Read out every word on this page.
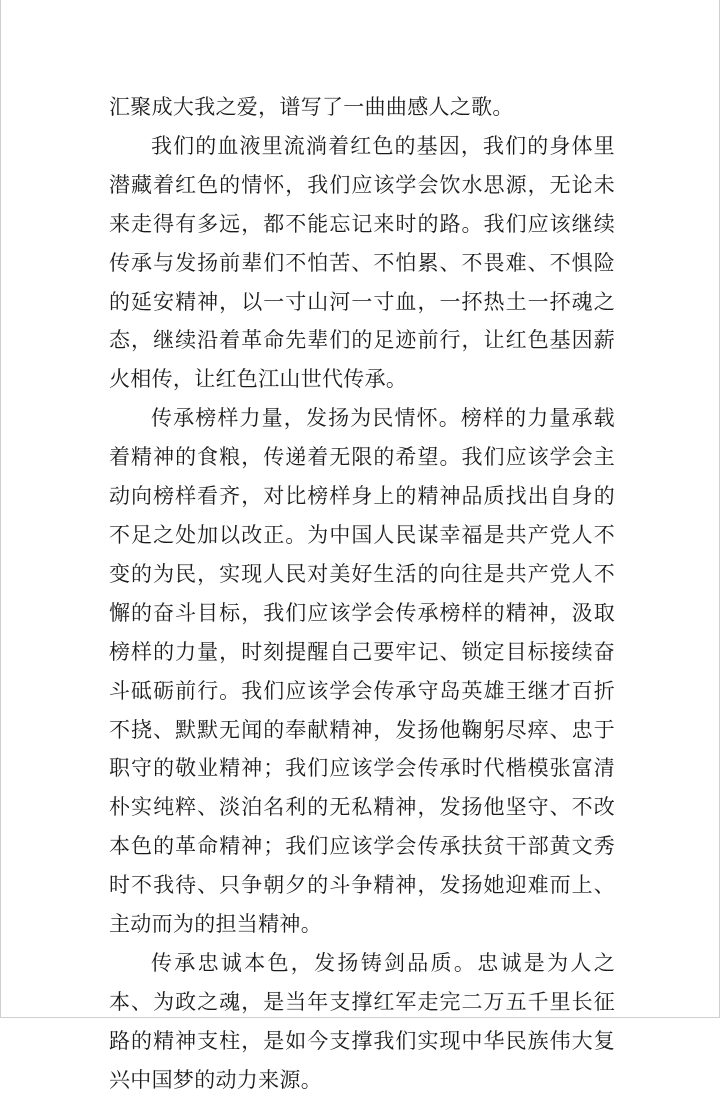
汇聚成大我之爱，谱写了一曲曲感人之歌。

我们的血液里流淌着红色的基因，我们的身体里潜藏着红色的情怀，我们应该学会饮水思源，无论未来走得有多远，都不能忘记来时的路。我们应该继续传承与发扬前辈们不怕苦、不怕累、不畏难、不惧险的延安精神，以一寸山河一寸血，一抔热土一抔魂之态，继续沿着革命先辈们的足迹前行，让红色基因薪火相传，让红色江山世代传承。

传承榜样力量，发扬为民情怀。榜样的力量承载着精神的食粮，传递着无限的希望。我们应该学会主动向榜样看齐，对比榜样身上的精神品质找出自身的不足之处加以改正。为中国人民谋幸福是共产党人不变的为民，实现人民对美好生活的向往是共产党人不懈的奋斗目标，我们应该学会传承榜样的精神，汲取榜样的力量，时刻提醒自己要牢记、锁定目标接续奋斗砥砺前行。我们应该学会传承守岛英雄王继才百折不挠、默默无闻的奉献精神，发扬他鞠躬尽瘁、忠于职守的敬业精神；我们应该学会传承时代楷模张富清朴实纯粹、淡泊名利的无私精神，发扬他坚守、不改本色的革命精神；我们应该学会传承扶贫干部黄文秀时不我待、只争朝夕的斗争精神，发扬她迎难而上、主动而为的担当精神。

传承忠诚本色，发扬铸剑品质。忠诚是为人之本、为政之魂，是当年支撑红军走完二万五千里长征路的精神支柱，是如今支撑我们实现中华民族伟大复兴中国梦的动力来源。
